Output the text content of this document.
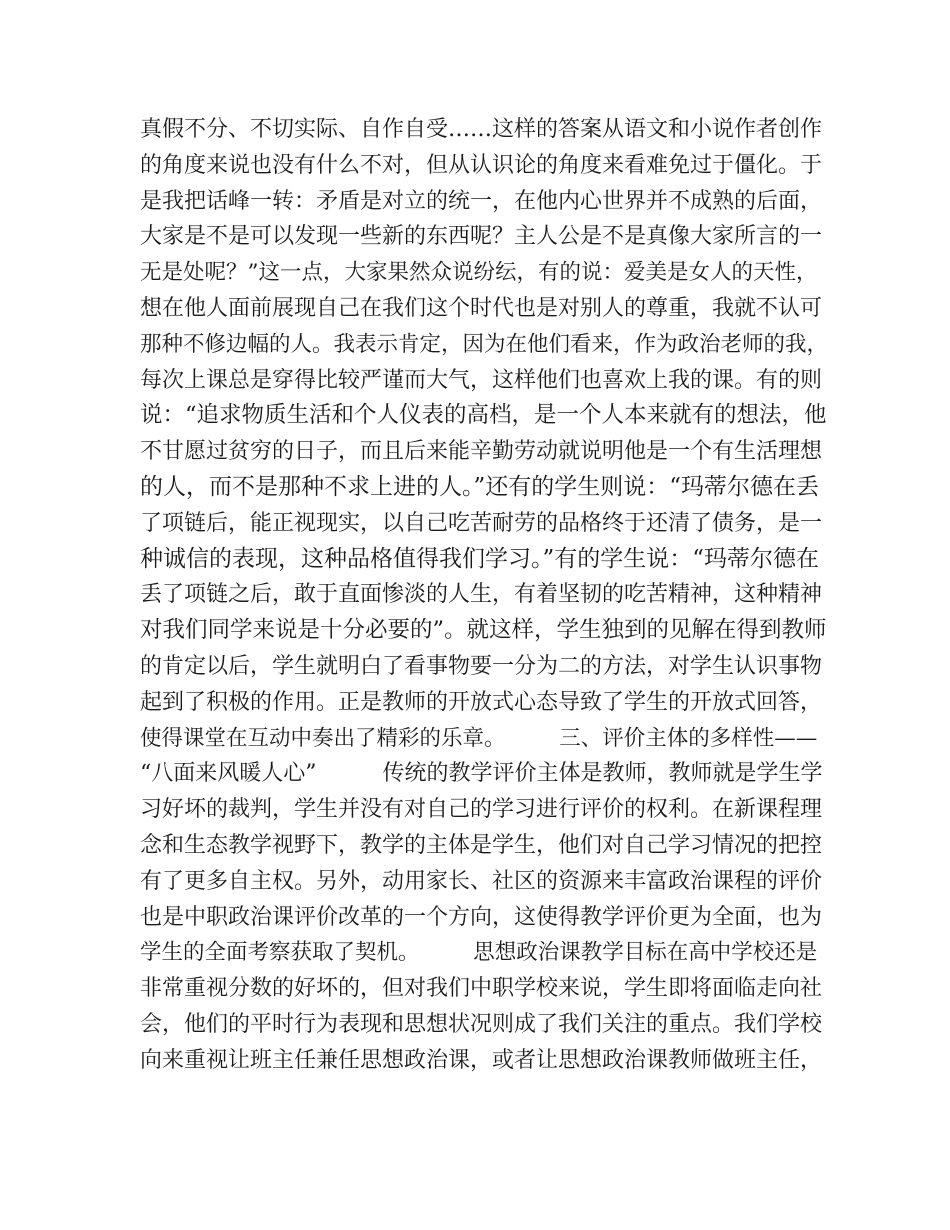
真假不分、不切实际、自作自受……这样的答案从语文和小说作者创作
的角度来说也没有什么不对，但从认识论的角度来看难免过于僵化。于
是我把话峰一转：矛盾是对立的统一，在他内心世界并不成熟的后面，
大家是不是可以发现一些新的东西呢？主人公是不是真像大家所言的一
无是处呢？”这一点，大家果然众说纷纭，有的说：爱美是女人的天性，
想在他人面前展现自己在我们这个时代也是对别人的尊重，我就不认可
那种不修边幅的人。我表示肯定，因为在他们看来，作为政治老师的我，
每次上课总是穿得比较严谨而大气，这样他们也喜欢上我的课。有的则
说：“追求物质生活和个人仪表的高档，是一个人本来就有的想法，他
不甘愿过贫穷的日子，而且后来能辛勤劳动就说明他是一个有生活理想
的人，而不是那种不求上进的人。”还有的学生则说：“玛蒂尔德在丢
了项链后，能正视现实，以自己吃苦耐劳的品格终于还清了债务，是一
种诚信的表现，这种品格值得我们学习。”有的学生说：“玛蒂尔德在
丢了项链之后，敢于直面惨淡的人生，有着坚韧的吃苦精神，这种精神
对我们同学来说是十分必要的”。就这样，学生独到的见解在得到教师
的肯定以后，学生就明白了看事物要一分为二的方法，对学生认识事物
起到了积极的作用。正是教师的开放式心态导致了学生的开放式回答，
使得课堂在互动中奏出了精彩的乐章。　　　三、评价主体的多样性——
“八面来风暖人心”　　　传统的教学评价主体是教师，教师就是学生学
习好坏的裁判，学生并没有对自己的学习进行评价的权利。在新课程理
念和生态教学视野下，教学的主体是学生，他们对自己学习情况的把控
有了更多自主权。另外，动用家长、社区的资源来丰富政治课程的评价
也是中职政治课评价改革的一个方向，这使得教学评价更为全面，也为
学生的全面考察获取了契机。　　　思想政治课教学目标在高中学校还是
非常重视分数的好坏的，但对我们中职学校来说，学生即将面临走向社
会，他们的平时行为表现和思想状况则成了我们关注的重点。我们学校
向来重视让班主任兼任思想政治课，或者让思想政治课教师做班主任，
